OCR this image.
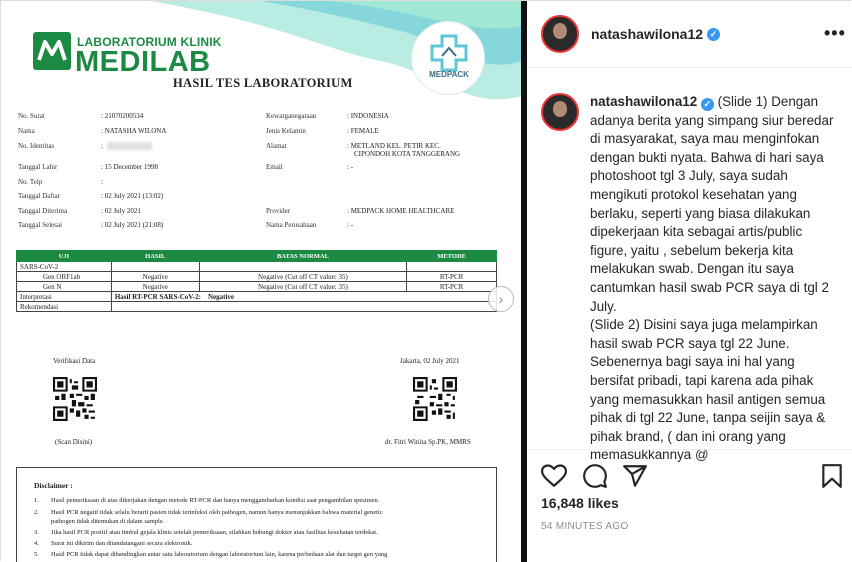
LABORATORIUM KLINIK
MEDILAB
HASIL TES LABORATORIUM
MEDPACK
No. Surat	: 21070200534
Nama	: NATASHA WILONA
No. Identitas	:
Tanggal Lahir	: 15 December 1998
No. Telp	:
Tanggal Daftar	: 02 July 2021 (13:02)
Tanggal Diterima	: 02 July 2021
Tanggal Selesai	: 02 July 2021 (21:08)
Kewarganegaraan	: INDONESIA
Jenis Kelamin	: FEMALE
Alamat	: METLAND KEL. PETIR KEC.
CIPONDOH KOTA TANGGERANG
Email	: -
Provider	: MEDPACK HOME HEALTHCARE
Nama Perusahaan	: -
UJI	HASIL	BATAS NORMAL	METODE
SARS-CoV-2			
Gen ORF1ab	Negative	Negative (Cut off CT value: 35)	RT-PCR
Gen N	Negative	Negative (Cut off CT value: 35)	RT-PCR
Interpretasi	Hasil RT-PCR SARS-CoV-2:    Negative		
Rekomendasi			
Verifikasi Data	Jakarta, 02 July 2021
(Scan Disini)	dr. Fitri Winita Sp.PK, MMRS
Disclaimer :
1. Hasil pemeriksaan di atas dikerjakan dengan metode RT-PCR dan hanya menggambarkan kondisi saat pengambilan spesimen.
2. Hasil PCR negatif tidak selalu berarti pasien tidak terinfeksi oleh pathogen, namun hanya menunjukkan bahwa material genetic
pathogen tidak ditemukan di dalam sample.
3. Jika hasil PCR positif atau timbul gejala klinis setelah pemeriksaan, silahkan hubungi dokter atau fasilitas kesehatan terdekat.
4. Surat ini dikirim dan ditandatangani secara elektronik.
5. Hasil PCR tidak dapat dibandingkan antar satu laboratorium dengan laboratorium lain, karena perbedaan alat dan target gen yang
›
natashawilona12 ✓	•••
natashawilona12 ✓ (Slide 1) Dengan adanya berita yang simpang siur beredar di masyarakat, saya mau menginfokan dengan bukti nyata. Bahwa di hari saya photoshoot tgl 3 July, saya sudah mengikuti protokol kesehatan yang berlaku, seperti yang biasa dilakukan dipekerjaan kita sebagai artis/public figure, yaitu , sebelum bekerja kita melakukan swab. Dengan itu saya cantumkan hasil swab PCR saya di tgl 2 July.
(Slide 2) Disini saya juga melampirkan hasil swab PCR saya tgl 22 June. Sebenernya bagi saya ini hal yang bersifat pribadi, tapi karena ada pihak yang memasukkan hasil antigen semua pihak di tgl 22 June, tanpa seijin saya & pihak brand, ( dan ini orang yang memasukkannya @
16,848 likes
54 MINUTES AGO
